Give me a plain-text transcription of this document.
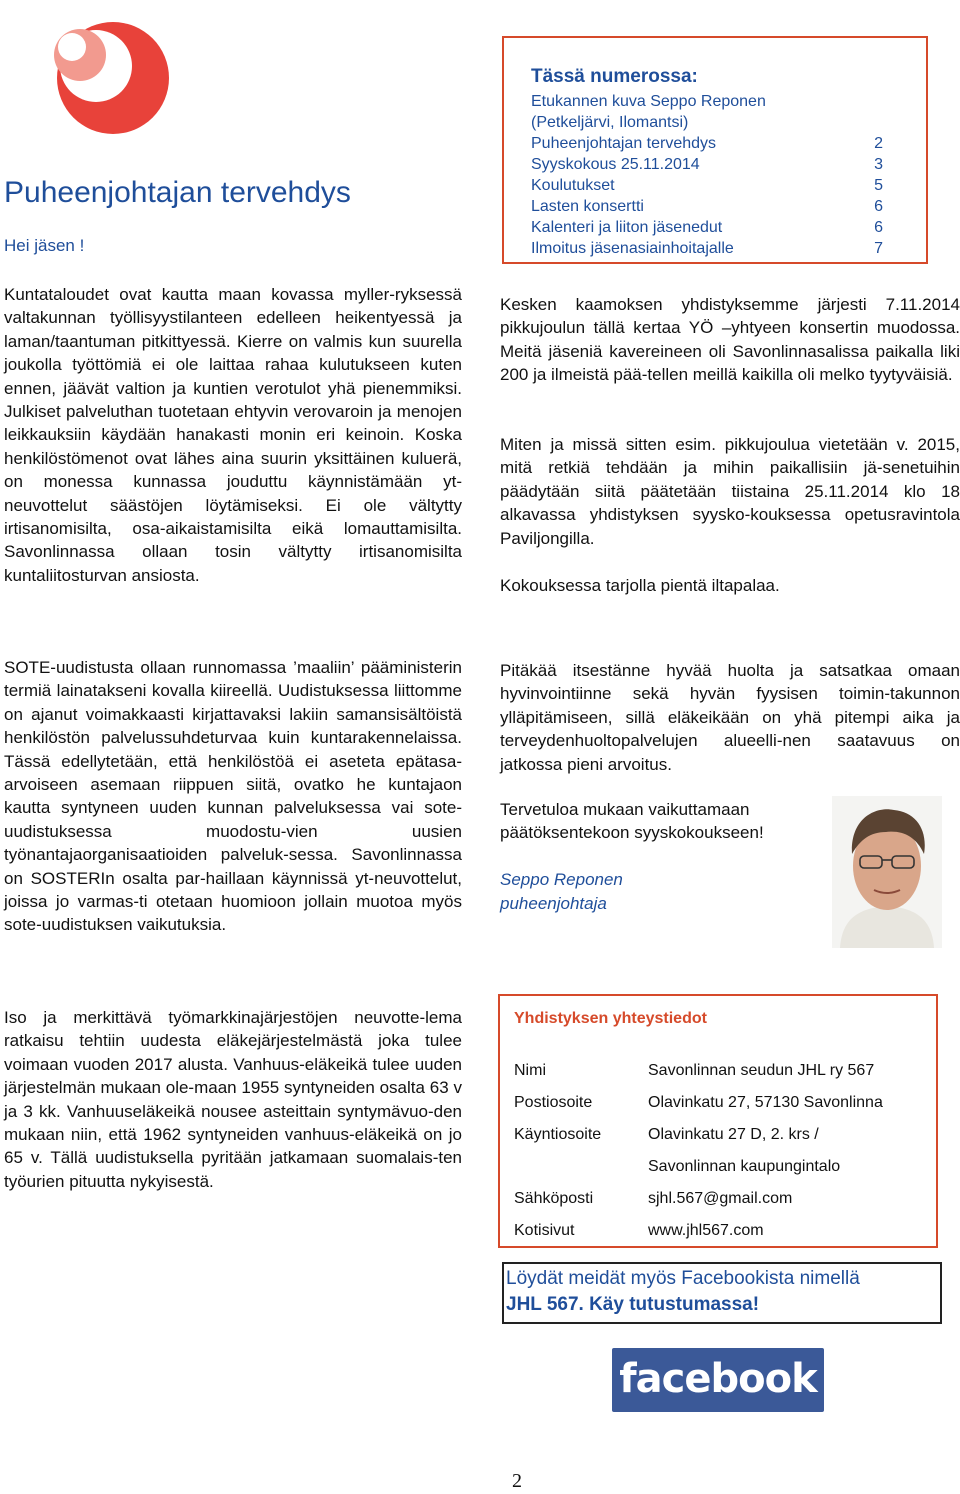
Puheenjohtajan tervehdys
Hei jäsen !
Tässä numerossa:
Etukannen kuva Seppo Reponen
(Petkeljärvi, Ilomantsi)
Puheenjohtajan tervehdys	2
Syyskokous 25.11.2014	3
Koulutukset	5
Lasten konsertti	6
Kalenteri ja liiton jäsenedut	6
Ilmoitus jäsenasiainhoitajalle	7

Kuntataloudet ovat kautta maan kovassa myller-ryksessä valtakunnan työllisyystilanteen edelleen heikentyessä ja laman/taantuman pitkittyessä. Kierre on valmis kun suurella joukolla työttömiä ei ole laittaa rahaa kulutukseen kuten ennen, jäävät valtion ja kuntien verotulot yhä pienemmiksi. Julkiset palveluthan tuotetaan ehtyvin verovaroin ja menojen leikkauksiin käydään hanakasti monin eri keinoin. Koska henkilöstömenot ovat lähes aina suurin yksittäinen kuluerä, on monessa kunnassa jouduttu käynnistämään yt-neuvottelut säästöjen löytämiseksi. Ei ole vältytty irtisanomisilta, osa-aikaistamisilta eikä lomauttamisilta. Savonlinnassa ollaan tosin vältytty irtisanomisilta kuntaliitosturvan ansiosta.

SOTE-uudistusta ollaan runnomassa ’maaliin’ pääministerin termiä lainatakseni kovalla kiireellä. Uudistuksessa liittomme on ajanut voimakkaasti kirjattavaksi lakiin samansisältöistä henkilöstön palvelussuhdeturvaa kuin kuntarakennelaissa. Tässä edellytetään, että henkilöstöä ei aseteta epätasa-arvoiseen asemaan riippuen siitä, ovatko he kuntajaon kautta syntyneen uuden kunnan palveluksessa vai sote-uudistuksessa muodostu-vien uusien työnantajaorganisaatioiden palveluk-sessa. Savonlinnassa on SOSTERIn osalta par-haillaan käynnissä yt-neuvottelut, joissa jo varmas-ti otetaan huomioon jollain muotoa myös sote-uudistuksen vaikutuksia.

Iso ja merkittävä työmarkkinajärjestöjen neuvotte-lema ratkaisu tehtiin uudesta eläkejärjestelmästä joka tulee voimaan vuoden 2017 alusta. Vanhuus-eläkeikä tulee uuden järjestelmän mukaan ole-maan 1955 syntyneiden osalta 63 v ja 3 kk. Vanhuuseläkeikä nousee asteittain syntymävuo-den mukaan niin, että 1962 syntyneiden vanhuus-eläkeikä on jo 65 v. Tällä uudistuksella pyritään jatkamaan suomalais-ten työurien pituutta nykyisestä.

Kesken kaamoksen yhdistyksemme järjesti 7.11.2014 pikkujoulun tällä kertaa YÖ –yhtyeen konsertin muodossa. Meitä jäseniä kavereineen oli Savonlinnasalissa paikalla liki 200 ja ilmeistä pää-tellen meillä kaikilla oli melko tyytyväisiä.

Miten ja missä sitten esim. pikkujoulua vietetään v. 2015, mitä retkiä tehdään ja mihin paikallisiin jä-senetuihin päädytään siitä päätetään tiistaina 25.11.2014 klo 18 alkavassa yhdistyksen syysko-kouksessa opetusravintola Paviljongilla.

Kokouksessa tarjolla pientä iltapalaa.

Pitäkää itsestänne hyvää huolta ja satsatkaa omaan hyvinvointiinne sekä hyvän fyysisen toimin-takunnon ylläpitämiseen, sillä eläkeikään on yhä pitempi aika ja terveydenhuoltopalvelujen alueelli-nen saatavuus on jatkossa pieni arvoitus.

Tervetuloa mukaan vaikuttamaan

päätöksentekoon syyskokoukseen!

Seppo Reponen
puheenjohtaja
Yhdistyksen yhteystiedot
Nimi	Savonlinnan seudun JHL ry 567
Postiosoite	Olavinkatu 27, 57130 Savonlinna
Käyntiosoite	Olavinkatu 27 D, 2. krs /
Savonlinnan kaupungintalo
Sähköposti	sjhl.567@gmail.com
Kotisivut	www.jhl567.com
Löydät meidät myös Facebookista nimellä
JHL 567. Käy tutustumassa!
facebook
2
